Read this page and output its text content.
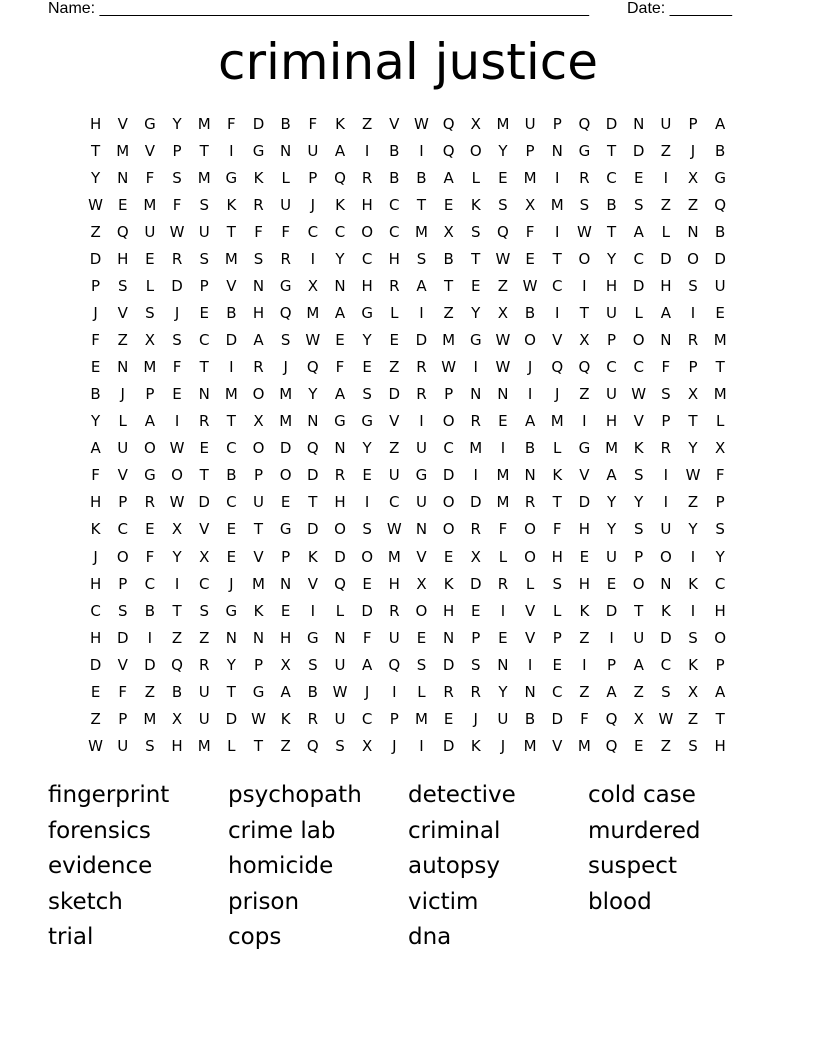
Name: _______________________________________________________ Date: _______
criminal justice
H	V	G	Y	M	F	D	B	F	K	Z	V W Q	X	M	U	P	Q	D	N	U	P	A
T	M	V	P	T	I	G	N	U	A	I	B	I	Q	O	Y	P	N	G	T	D	Z	J	B
Y	N	F	S	M G	K	L	P	Q	R	B	B	A	L	E	M	I	R	C	E	I	X	G
W E	M	F	S	K	R	U	J	K	H	C	T	E	K	S	X	M	S	B	S	Z	Z	Q
Z	Q	U W U	T	F	F	C	C	O	C	M	X	S	Q	F	I	W	T	A	L	N	B
D	H	E	R	S	M	S	R	I	Y	C	H	S	B	T	W E	T	O	Y	C	D	O	D
P	S	L	D	P	V	N	G	X	N	H	R	A	T	E	Z W C	I	H	D	H	S	U
J	V	S	J	E	B	H	Q M	A	G	L	I	Z	Y	X	B	I	T	U	L	A	I	E
F	Z	X	S	C	D	A	S W E	Y	E	D M G W O	V	X	P	O	N	R	M
E	N	M	F	T	I	R	J	Q	F	E	Z	R W	I	W	J	Q	Q	C	C	F	P	T
B	J	P	E	N	M O M	Y	A	S	D	R	P	N	N	I	J	Z	U W S	X	M
Y	L	A	I	R	T	X	M	N	G	G	V	I	O	R	E	A	M	I	H	V	P	T	L
A	U	O W E	C	O	D	Q	N	Y	Z	U	C	M	I	B	L	G M	K	R	Y	X
F	V	G	O	T	B	P	O	D	R	E	U	G	D	I	M	N	K	V	A	S	I	W	F
H	P	R W D	C	U	E	T	H	I	C	U	O	D M	R	T	D	Y	Y	I	Z	P
K	C	E	X	V	E	T	G	D	O	S W N	O	R	F	O	F	H	Y	S	U	Y	S
J	O	F	Y	X	E	V	P	K	D	O M	V	E	X	L	O	H	E	U	P	O	I	Y
H	P	C	I	C	J	M	N	V	Q	E	H	X	K	D	R	L	S	H	E	O	N	K	C
C	S	B	T	S	G	K	E	I	L	D	R	O	H	E	I	V	L	K	D	T	K	I	H
H	D	I	Z	Z	N	N	H	G	N	F	U	E	N	P	E	V	P	Z	I	U	D	S	O
D	V	D	Q	R	Y	P	X	S	U	A	Q	S	D	S	N	I	E	I	P	A	C	K	P
E	F	Z	B	U	T	G	A	B W	J	I	L	R	R	Y	N	C	Z	A	Z	S	X	A
Z	P	M	X	U	D W K	R	U	C	P	M	E	J	U	B	D	F	Q	X W Z	T
W U	S	H	M	L	T	Z	Q	S	X	J	I	D	K	J	M	V	M Q	E	Z	S	H
fingerprint	psychopath	detective	cold case
forensics	crime lab	criminal	murdered
evidence	homicide	autopsy	suspect
sketch	prison	victim	blood
trial	cops	dna
